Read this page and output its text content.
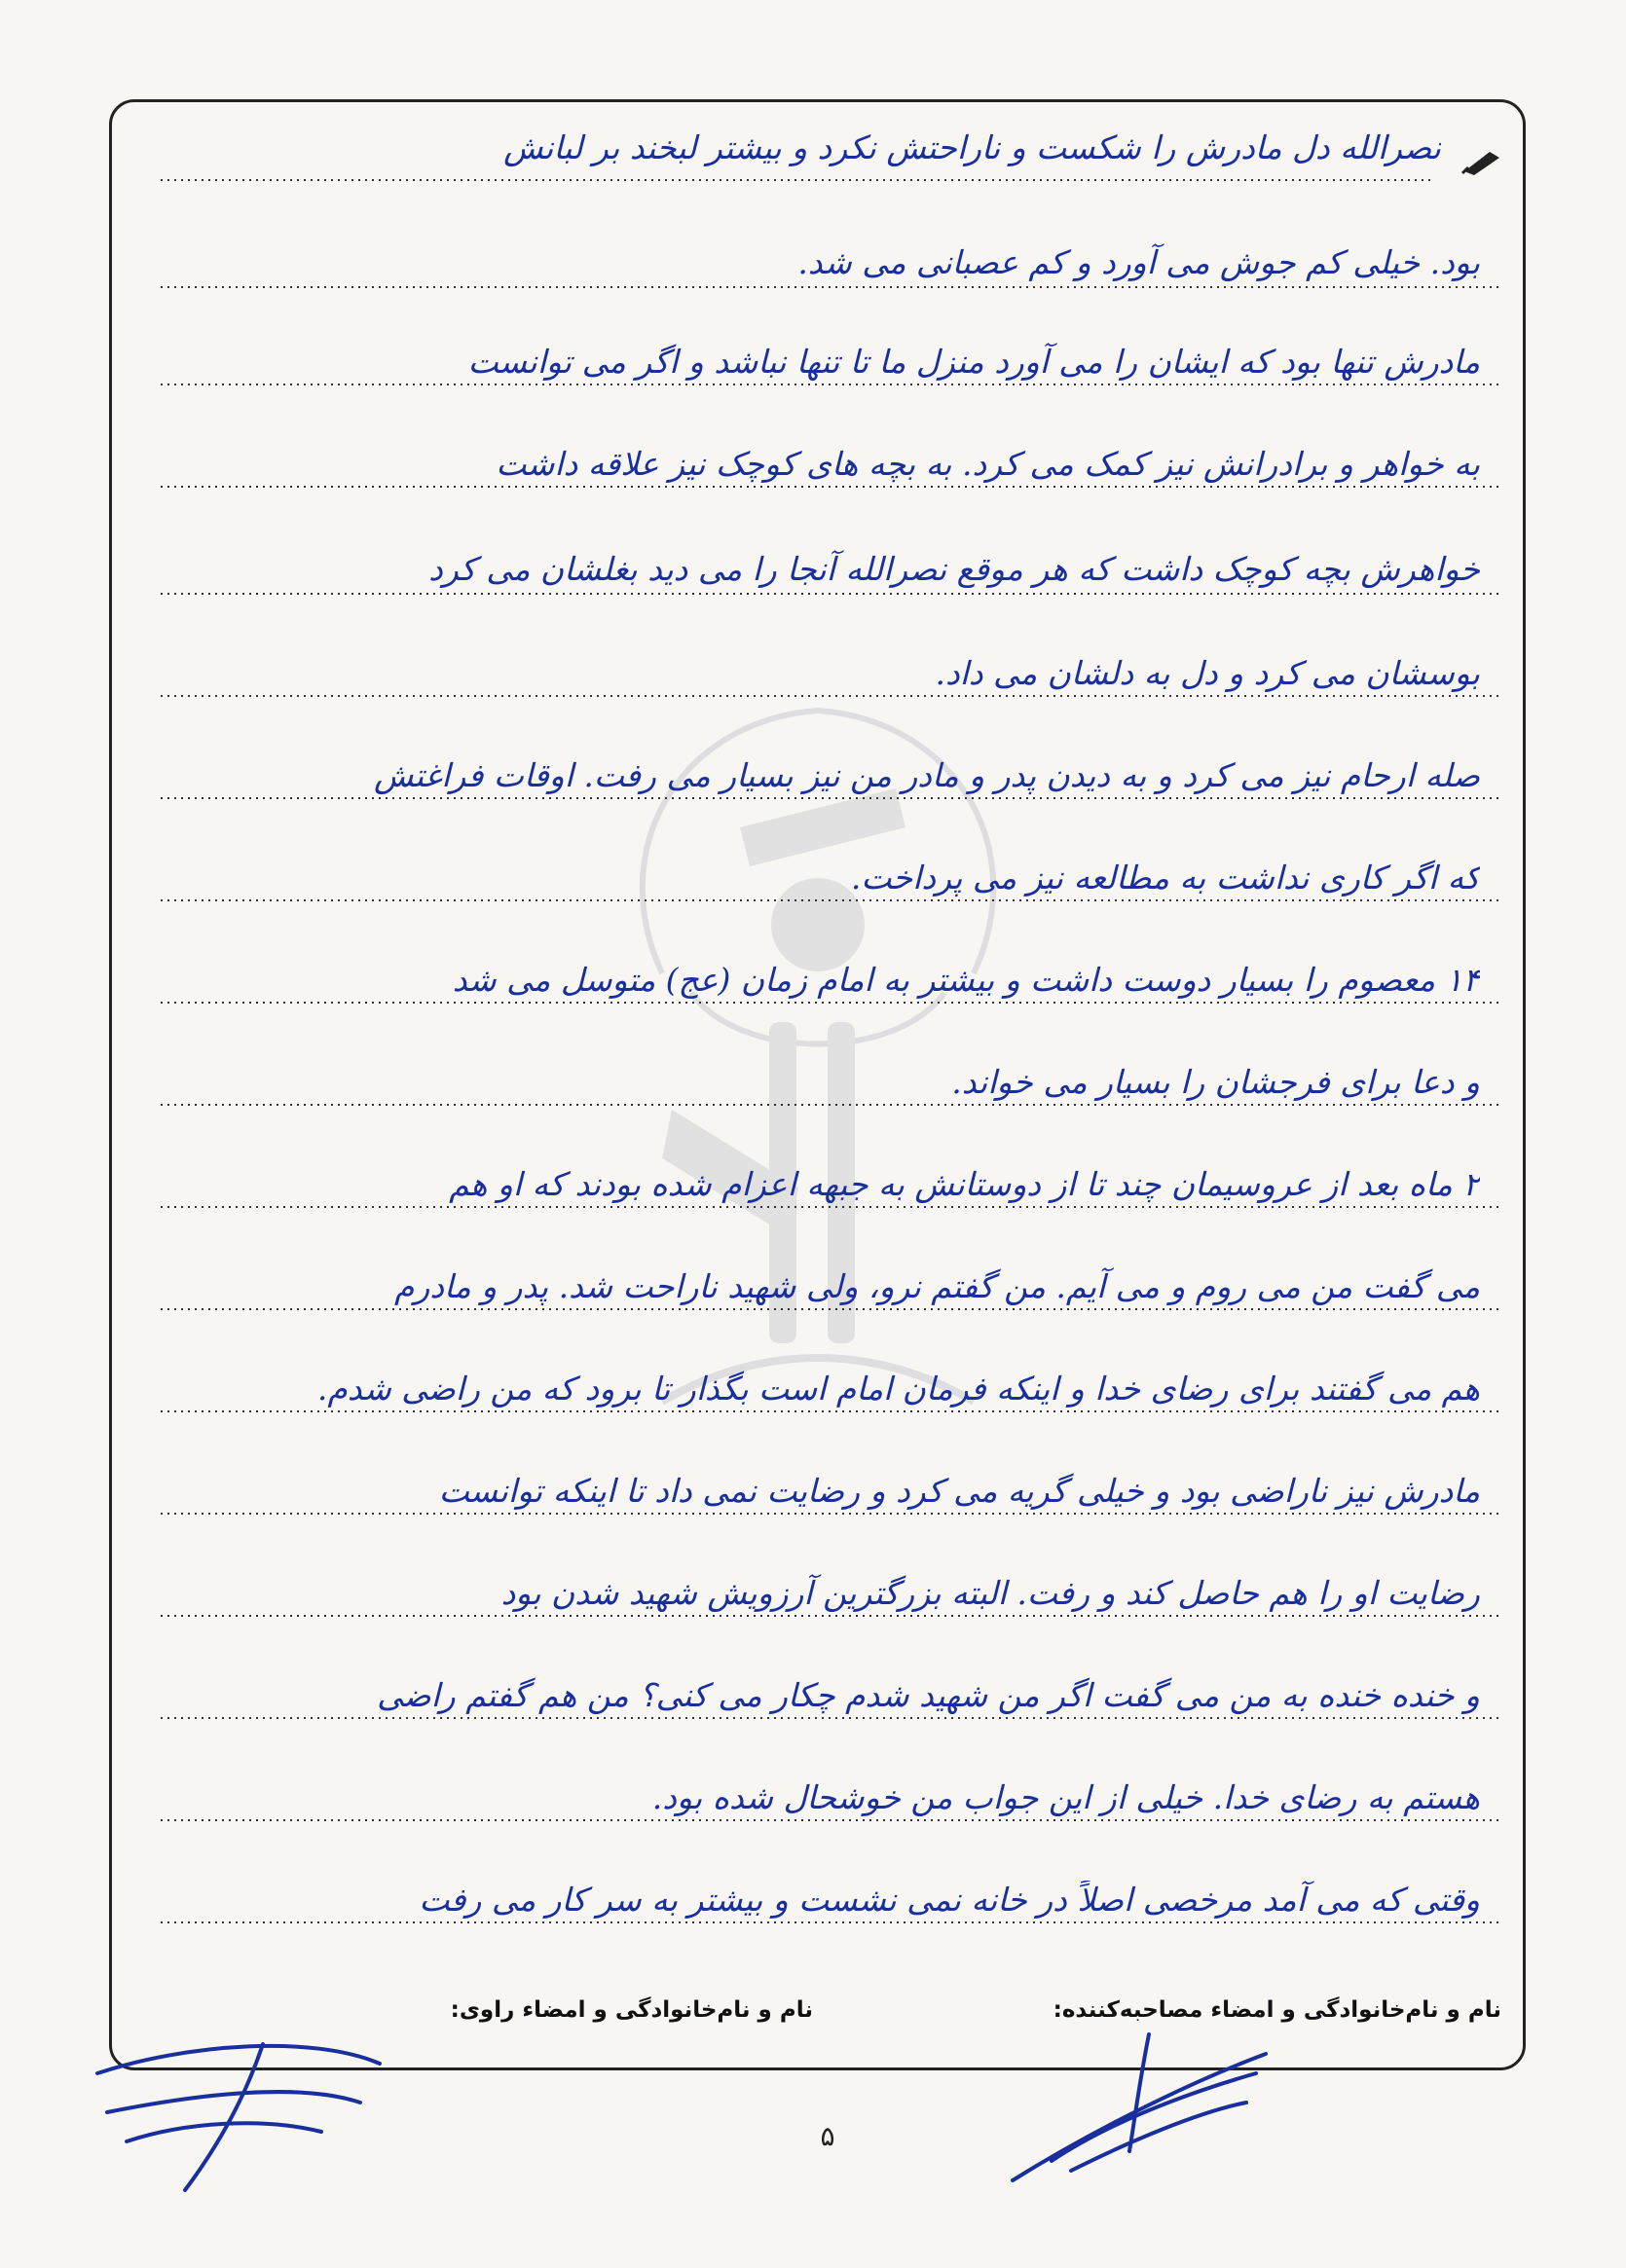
نصرالله دل مادرش را شکست و ناراحتش نکرد و بیشتر لبخند بر لبانش
بود. خیلی کم جوش می آورد و کم عصبانی می شد.
مادرش تنها بود که ایشان را می آورد منزل ما تا تنها نباشد و اگر می توانست
به خواهر و برادرانش نیز کمک می کرد. به بچه های کوچک نیز علاقه داشت
خواهرش بچه کوچک داشت که هر موقع نصرالله آنجا را می دید بغلشان می کرد
بوسشان می کرد و دل به دلشان می داد.
صله ارحام نیز می کرد و به دیدن پدر و مادر من نیز بسیار می رفت. اوقات فراغتش
که اگر کاری نداشت به مطالعه نیز می پرداخت.
۱۴ معصوم را بسیار دوست داشت و بیشتر به امام زمان (عج) متوسل می شد
و دعا برای فرجشان را بسیار می خواند.
۲ ماه بعد از عروسیمان چند تا از دوستانش به جبهه اعزام شده بودند که او هم
می گفت من می روم و می آیم. من گفتم نرو، ولی شهید ناراحت شد. پدر و مادرم
هم می گفتند برای رضای خدا و اینکه فرمان امام است بگذار تا برود که من راضی شدم.
مادرش نیز ناراضی بود و خیلی گریه می کرد و رضایت نمی داد تا اینکه توانست
رضایت او را هم حاصل کند و رفت. البته بزرگترین آرزویش شهید شدن بود
و خنده خنده به من می گفت اگر من شهید شدم چکار می کنی؟ من هم گفتم راضی
هستم به رضای خدا. خیلی از این جواب من خوشحال شده بود.
وقتی که می آمد مرخصی اصلاً در خانه نمی نشست و بیشتر به سر کار می رفت
نام و نام‌خانوادگی و امضاء مصاحبه‌کننده:
نام و نام‌خانوادگی و امضاء راوی:
۵
